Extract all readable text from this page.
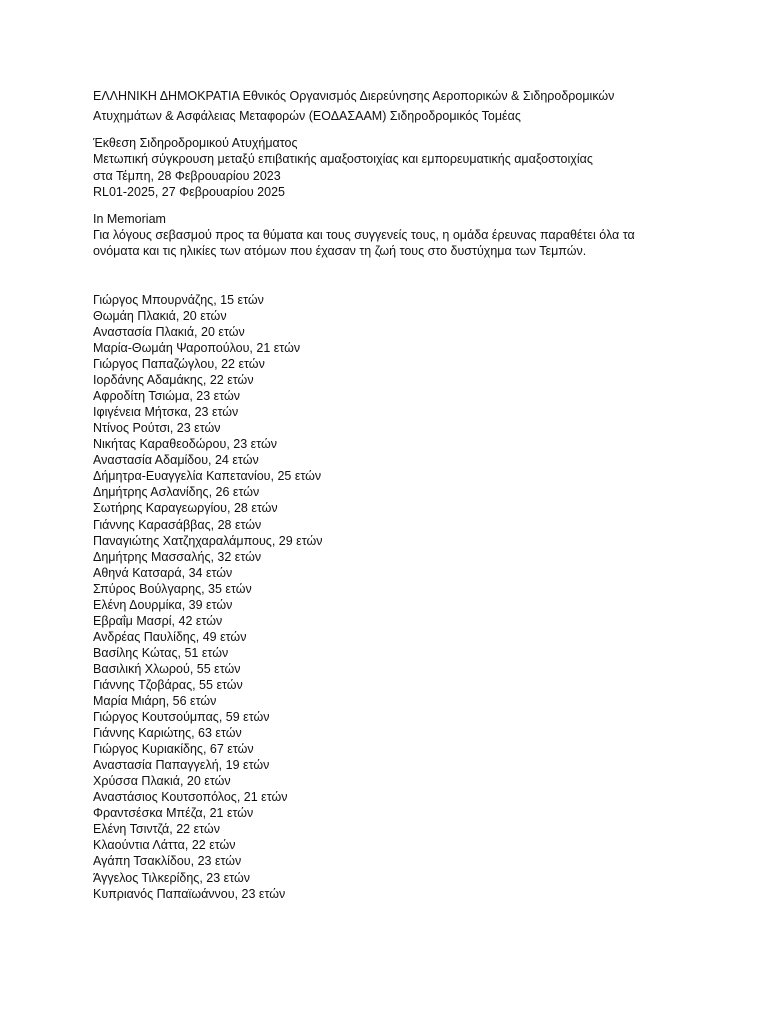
ΕΛΛΗΝΙΚΗ ΔΗΜΟΚΡΑΤΙΑ Εθνικός Οργανισμός Διερεύνησης Αεροπορικών & Σιδηροδρομικών
Ατυχημάτων & Ασφάλειας Μεταφορών (ΕΟΔΑΣΑΑΜ) Σιδηροδρομικός Τομέας
Έκθεση Σιδηροδρομικού Ατυχήματος
Μετωπική σύγκρουση μεταξύ επιβατικής αμαξοστοιχίας και εμπορευματικής αμαξοστοιχίας
στα Τέμπη, 28 Φεβρουαρίου 2023
RL01-2025, 27 Φεβρουαρίου 2025
In Memoriam
Για λόγους σεβασμού προς τα θύματα και τους συγγενείς τους, η ομάδα έρευνας παραθέτει όλα τα
ονόματα και τις ηλικίες των ατόμων που έχασαν τη ζωή τους στο δυστύχημα των Τεμπών.
Γιώργος Μπουρνάζης, 15 ετών
Θωμάη Πλακιά, 20 ετών
Αναστασία Πλακιά, 20 ετών
Μαρία-Θωμάη Ψαροπούλου, 21 ετών
Γιώργος Παπαζώγλου, 22 ετών
Ιορδάνης Αδαμάκης, 22 ετών
Αφροδίτη Τσιώμα, 23 ετών
Ιφιγένεια Μήτσκα, 23 ετών
Ντίνος Ρούτσι, 23 ετών
Νικήτας Καραθεοδώρου, 23 ετών
Αναστασία Αδαμίδου, 24 ετών
Δήμητρα-Ευαγγελία Καπετανίου, 25 ετών
Δημήτρης Ασλανίδης, 26 ετών
Σωτήρης Καραγεωργίου, 28 ετών
Γιάννης Καρασάββας, 28 ετών
Παναγιώτης Χατζηχαραλάμπους, 29 ετών
Δημήτρης Μασσαλής, 32 ετών
Αθηνά Κατσαρά, 34 ετών
Σπύρος Βούλγαρης, 35 ετών
Ελένη Δουρμίκα, 39 ετών
Εβραΐμ Μασρί, 42 ετών
Ανδρέας Παυλίδης, 49 ετών
Βασίλης Κώτας, 51 ετών
Βασιλική Χλωρού, 55 ετών
Γιάννης Τζοβάρας, 55 ετών
Μαρία Μιάρη, 56 ετών
Γιώργος Κουτσούμπας, 59 ετών
Γιάννης Καριώτης, 63 ετών
Γιώργος Κυριακίδης, 67 ετών
Αναστασία Παπαγγελή, 19 ετών
Χρύσσα Πλακιά, 20 ετών
Αναστάσιος Κουτσοπόλος, 21 ετών
Φραντσέσκα Μπέζα, 21 ετών
Ελένη Τσιντζά, 22 ετών
Κλαούντια Λάττα, 22 ετών
Αγάπη Τσακλίδου, 23 ετών
Άγγελος Τιλκερίδης, 23 ετών
Κυπριανός Παπαϊωάννου, 23 ετών
